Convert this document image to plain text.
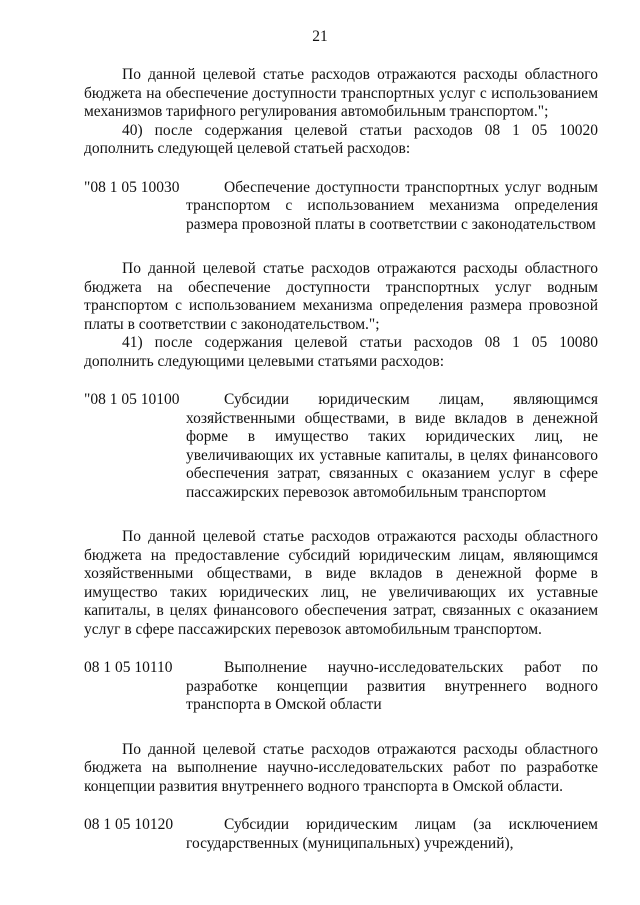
21

По данной целевой статье расходов отражаются расходы областного бюджета на обеспечение доступности транспортных услуг с использованием механизмов тарифного регулирования автомобильным транспортом.";

40) после содержания целевой статьи расходов 08 1 05 10020 дополнить следующей целевой статьей расходов:

"08 1 05 10030	Обеспечение доступности транспортных услуг водным транспортом с использованием механизма определения размера провозной платы в соответствии с законодательством

По данной целевой статье расходов отражаются расходы областного бюджета на обеспечение доступности транспортных услуг водным транспортом с использованием механизма определения размера провозной платы в соответствии с законодательством.";

41) после содержания целевой статьи расходов 08 1 05 10080 дополнить следующими целевыми статьями расходов:

"08 1 05 10100	Субсидии юридическим лицам, являющимся хозяйственными обществами, в виде вкладов в денежной форме в имущество таких юридических лиц, не увеличивающих их уставные капиталы, в целях финансового обеспечения затрат, связанных с оказанием услуг в сфере пассажирских перевозок автомобильным транспортом

По данной целевой статье расходов отражаются расходы областного бюджета на предоставление субсидий юридическим лицам, являющимся хозяйственными обществами, в виде вкладов в денежной форме в имущество таких юридических лиц, не увеличивающих их уставные капиталы, в целях финансового обеспечения затрат, связанных с оказанием услуг в сфере пассажирских перевозок автомобильным транспортом.

08 1 05 10110	Выполнение научно-исследовательских работ по разработке концепции развития внутреннего водного транспорта в Омской области

По данной целевой статье расходов отражаются расходы областного бюджета на выполнение научно-исследовательских работ по разработке концепции развития внутреннего водного транспорта в Омской области.

08 1 05 10120	Субсидии юридическим лицам (за исключением государственных (муниципальных) учреждений),
